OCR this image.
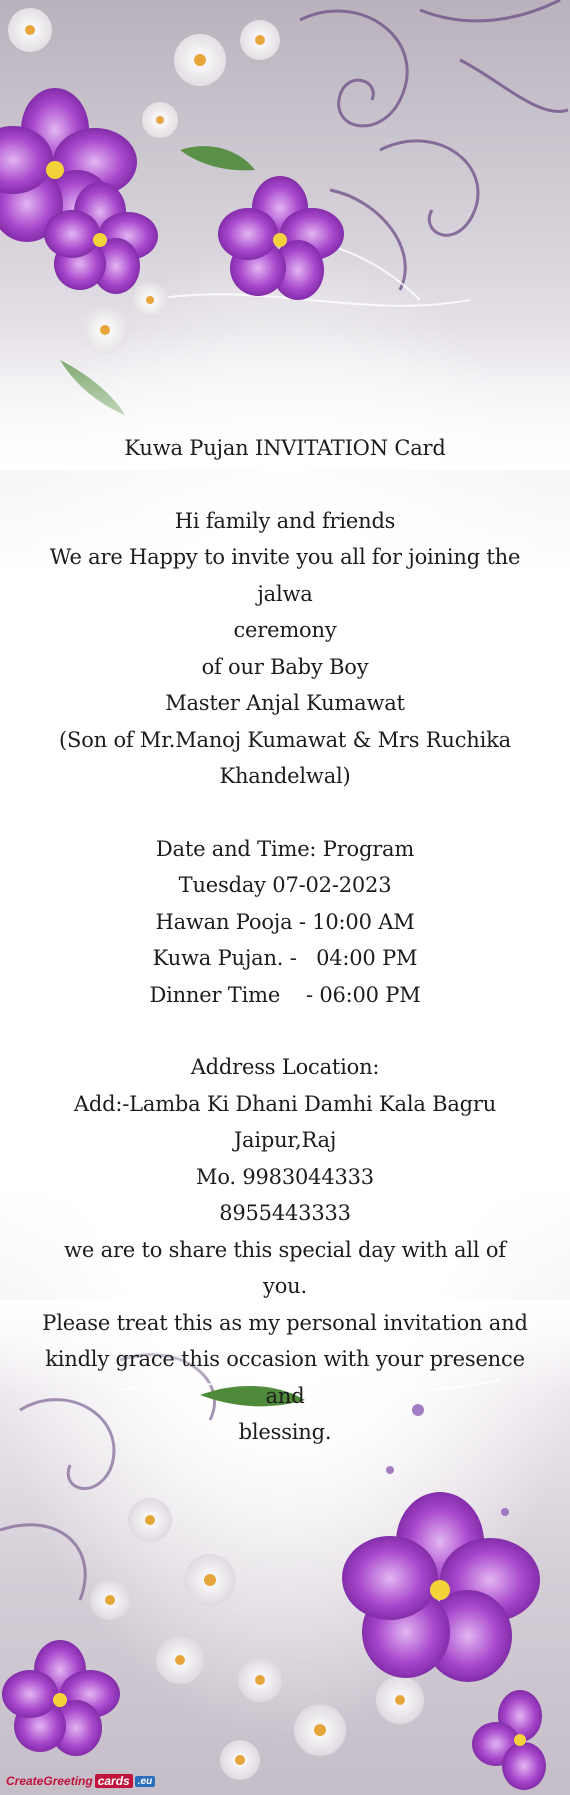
Kuwa Pujan INVITATION Card

Hi family and friends

We are Happy to invite you all for joining the jalwa

ceremony

of our Baby Boy

Master Anjal Kumawat

(Son of Mr.Manoj Kumawat & Mrs Ruchika

Khandelwal)

Date and Time: Program

Tuesday 07-02-2023

Hawan Pooja - 10:00 AM

Kuwa Pujan. -   04:00 PM

Dinner Time    - 06:00 PM

Address Location:

Add:-Lamba Ki Dhani Damhi Kala Bagru

Jaipur,Raj

Mo. 9983044333

8955443333

we are to share this special day with all of you.

Please treat this as my personal invitation and

kindly grace this occasion with your presence and

blessing.

CreateGreeting cards .eu
